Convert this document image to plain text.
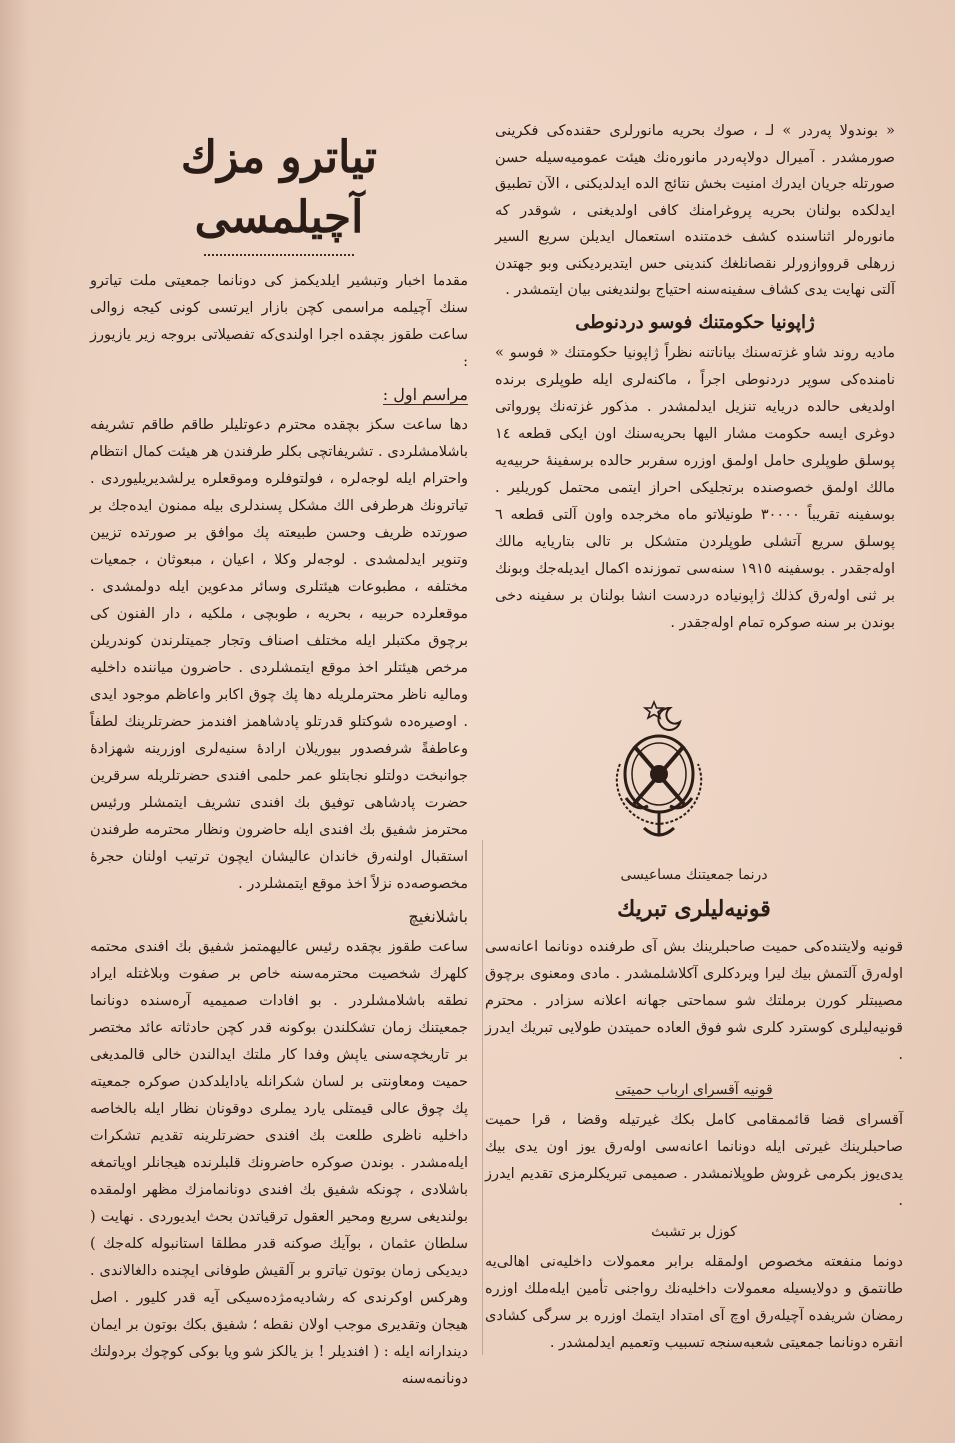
« بوندولا پەردر » لـ ، صوك بحریه مانورلری حقنده‌كی فكرینی صورمشدر . آمیرال دولاپەردر مانورەنك هیئت عمومیه‌سیله حسن صورتله جریان ایدرك امنیت بخش نتائج الده ایدلدیكنی ، الآن تطبیق ایدلكده بولنان بحریه پروغرامنك كافی اولدیغنی ، شوقدر كه مانورەلر اثناسنده كشف خدمتنده استعمال ایدیلن سریع السیر زرهلی قرووازورلر نقصانلغك كندینی حس ایتدیردیكنی وبو جهتدن آلتی نهایت یدی كشاف سفینه‌سنه احتیاج بولندیغنی بیان ایتمشدر .

ژاپونیا حكومتنك فوسو دردنوطی

مادیه روند شاو غزته‌سنك بیاناتنه نظراً ژاپونیا حكومتنك « فوسو » نامنده‌كی سوپر دردنوطی اجراً ، ماكنه‌لری ایله طوپلری برنده اولدیغی حالده دریایه تنزیل ایدلمشدر . مذكور غزته‌نك پورواتی دوغری ایسه حكومت مشار الیها بحریه‌سنك اون ایكی قطعه ١٤ پوسلق طوپلری حامل اولمق اوزره سفربر حالده برسفینهٔ حربیه‌یه مالك اولمق خصوصنده برتجلیكی احراز ایتمی محتمل كوریلیر . بوسفینه تقریباً ٣٠٠٠٠ طونیلاتو ماه مخرجده واون آلتی قطعه ٦ پوسلق سریع آتشلی طوپلردن متشكل بر تالی بتاریایه مالك اوله‌جقدر . بوسفینه ١٩١٥ سنه‌سی تموزنده اكمال ایدیله‌جك وبونك بر ثنی اولەرق كذلك ژاپونیاده دردست انشا بولنان بر سفینه دخی بوندن بر سنه صوكره تمام اوله‌جقدر .

درنما جمعیتنك مساعیسی
قونیه‌لیلری تبریك

قونیه ولایتنده‌كی حمیت صاحبلرینك بش آی طرفنده دونانما اعانه‌سی اوله‌رق آلتمش بیك لیرا ویردكلری آكلاشلمشدر . مادی ومعنوی برچوق مصیبتلر كورن برملتك شو سماحتی جهانه اعلانه سزادر . محترم قونیه‌لیلری كوسترد كلری شو فوق العاده حمیتدن طولایی تبریك ایدرز .

قونیه آقسرای ارباب حمیتی

آقسرای قضا قائممقامی كامل بكك غیرتیله وقضا ، قرا حمیت صاحبلرینك غیرتی ایله دونانما اعانه‌سی اوله‌رق یوز اون یدی بیك یدی‌یوز بكرمی غروش طوپلانمشدر . صمیمی تبریكلرمزی تقدیم ایدرز .

كوزل بر تشبث

دونما منفعته مخصوص اولمقله برابر معمولات داخلیه‌نی اهالی‌یه طانتمق و دولایسیله معمولات داخلیه‌نك رواجنی تأمین ایلەملك اوزره رمضان شریفده آچیله‌رق اوچ آی امتداد ایتمك اوزره بر سرگی كشادی انقره دونانما جمعیتی شعبه‌سنجه تسبیب وتعمیم ایدلمشدر .

تیاترو مزك آچیلمسی

مقدما اخبار وتبشیر ایلدیكمز كی دونانما جمعیتی ملت تیاترو سنك آچیلمه مراسمی كچن بازار ایرتسی كونی كیجه زوالی ساعت طقوز بچقده اجرا اولندی‌كه تفصیلاتی بروجه زیر یازیورز :

مراسم اول :

دها ساعت سكز بچقده محترم دعوتلیلر طاقم طاقم تشریفه باشلامشلردی . تشریفاتچی بكلر طرفندن هر هیئت كمال انتظام واحترام ایله لوجه‌لره ، فولتوفلره وموقعلره یرلشدیریلیوردی . تیاترونك هرطرفی الك مشكل پسندلری بیله ممنون ایده‌جك بر صورتده ظریف وحسن طبیعته پك موافق بر صورتده تزیین وتنویر ایدلمشدی . لوجه‌لر وكلا ، اعیان ، مبعوثان ، جمعیات مختلفه ، مطبوعات هیئتلری وسائر مدعوین ایله دولمشدی . موقعلرده حربیه ، بحریه ، طوبچی ، ملكیه ، دار الفنون كی برچوق مكتبلر ایله مختلف اصناف وتجار جمیتلرندن كوندریلن مرخص هیئتلر اخذ موقع ایتمشلردی . حاضرون میاننده داخلیه ومالیه ناظر محترملریله دها پك چوق اكابر واعاظم موجود ایدی . اوصیره‌ده شوكتلو قدرتلو پادشاهمز افندمز حضرتلرینك لطفاً وعاطفةً شرفصدور بیوریلان ارادهٔ سنیه‌لری اوزرینه شهزادهٔ جوانبخت دولتلو نجابتلو عمر حلمی افندی حضرتلریله سرقرین حضرت پادشاهی توفیق بك افندی تشریف ایتمشلر ورئیس محترمز شفیق بك افندی ایله حاضرون ونظار محترمه طرفندن استقبال اولنه‌رق خاندان عالیشان ایچون ترتیب اولنان حجرهٔ مخصوصه‌ده نزلاً اخذ موقع ایتمشلردر .

باشلانغیچ

ساعت طقوز بچقده رئیس عالیهمتمز شفیق بك افندی محتمه كلهرك شخصیت محترمه‌سنه خاص بر صفوت وبلاغتله ایراد نطقه باشلامشلردر . بو افادات صمیمیه آره‌سنده دونانما جمعیتنك زمان تشكلندن بوكونه قدر كچن حادثاته عائد مختصر بر تاریخچه‌سنی یاپش وفدا كار ملتك ایدالندن خالی قالمدیغی حمیت ومعاونتی بر لسان شكرانله یادایلدكدن صوكره جمعیته پك چوق عالی قیمتلی یارد یملری دوقونان نظار ایله بالخاصه داخلیه ناظری طلعت بك افندی حضرتلرینه تقدیم تشكرات ایله‌مشدر . بوندن صوكره حاضرونك قلبلرنده هیجانلر اویاتمغه باشلادی ، چونكه شفیق بك افندی دونانمامزك مظهر اولمقده بولندیغی سریع ومحیر العقول ترقیاتدن بحث ایدیوردی . نهایت ( سلطان عثمان ، بوآیك صوكنه قدر مطلقا استانبوله كله‌جك ) دیدیكی زمان بوتون تیاترو بر آلقیش طوفانی ایچنده دالغالاندی . وهركس اوكرندی كه رشادیه‌مژده‌سیكی آیه قدر كلیور . اصل هیجان وتقدیری موجب اولان نقطه ؛ شفیق بكك بوتون بر ایمان دیندارانه ایله : ( افندیلر ! بز یالكز شو ویا بوكی كوچوك بردولتك دونانمه‌سنه
